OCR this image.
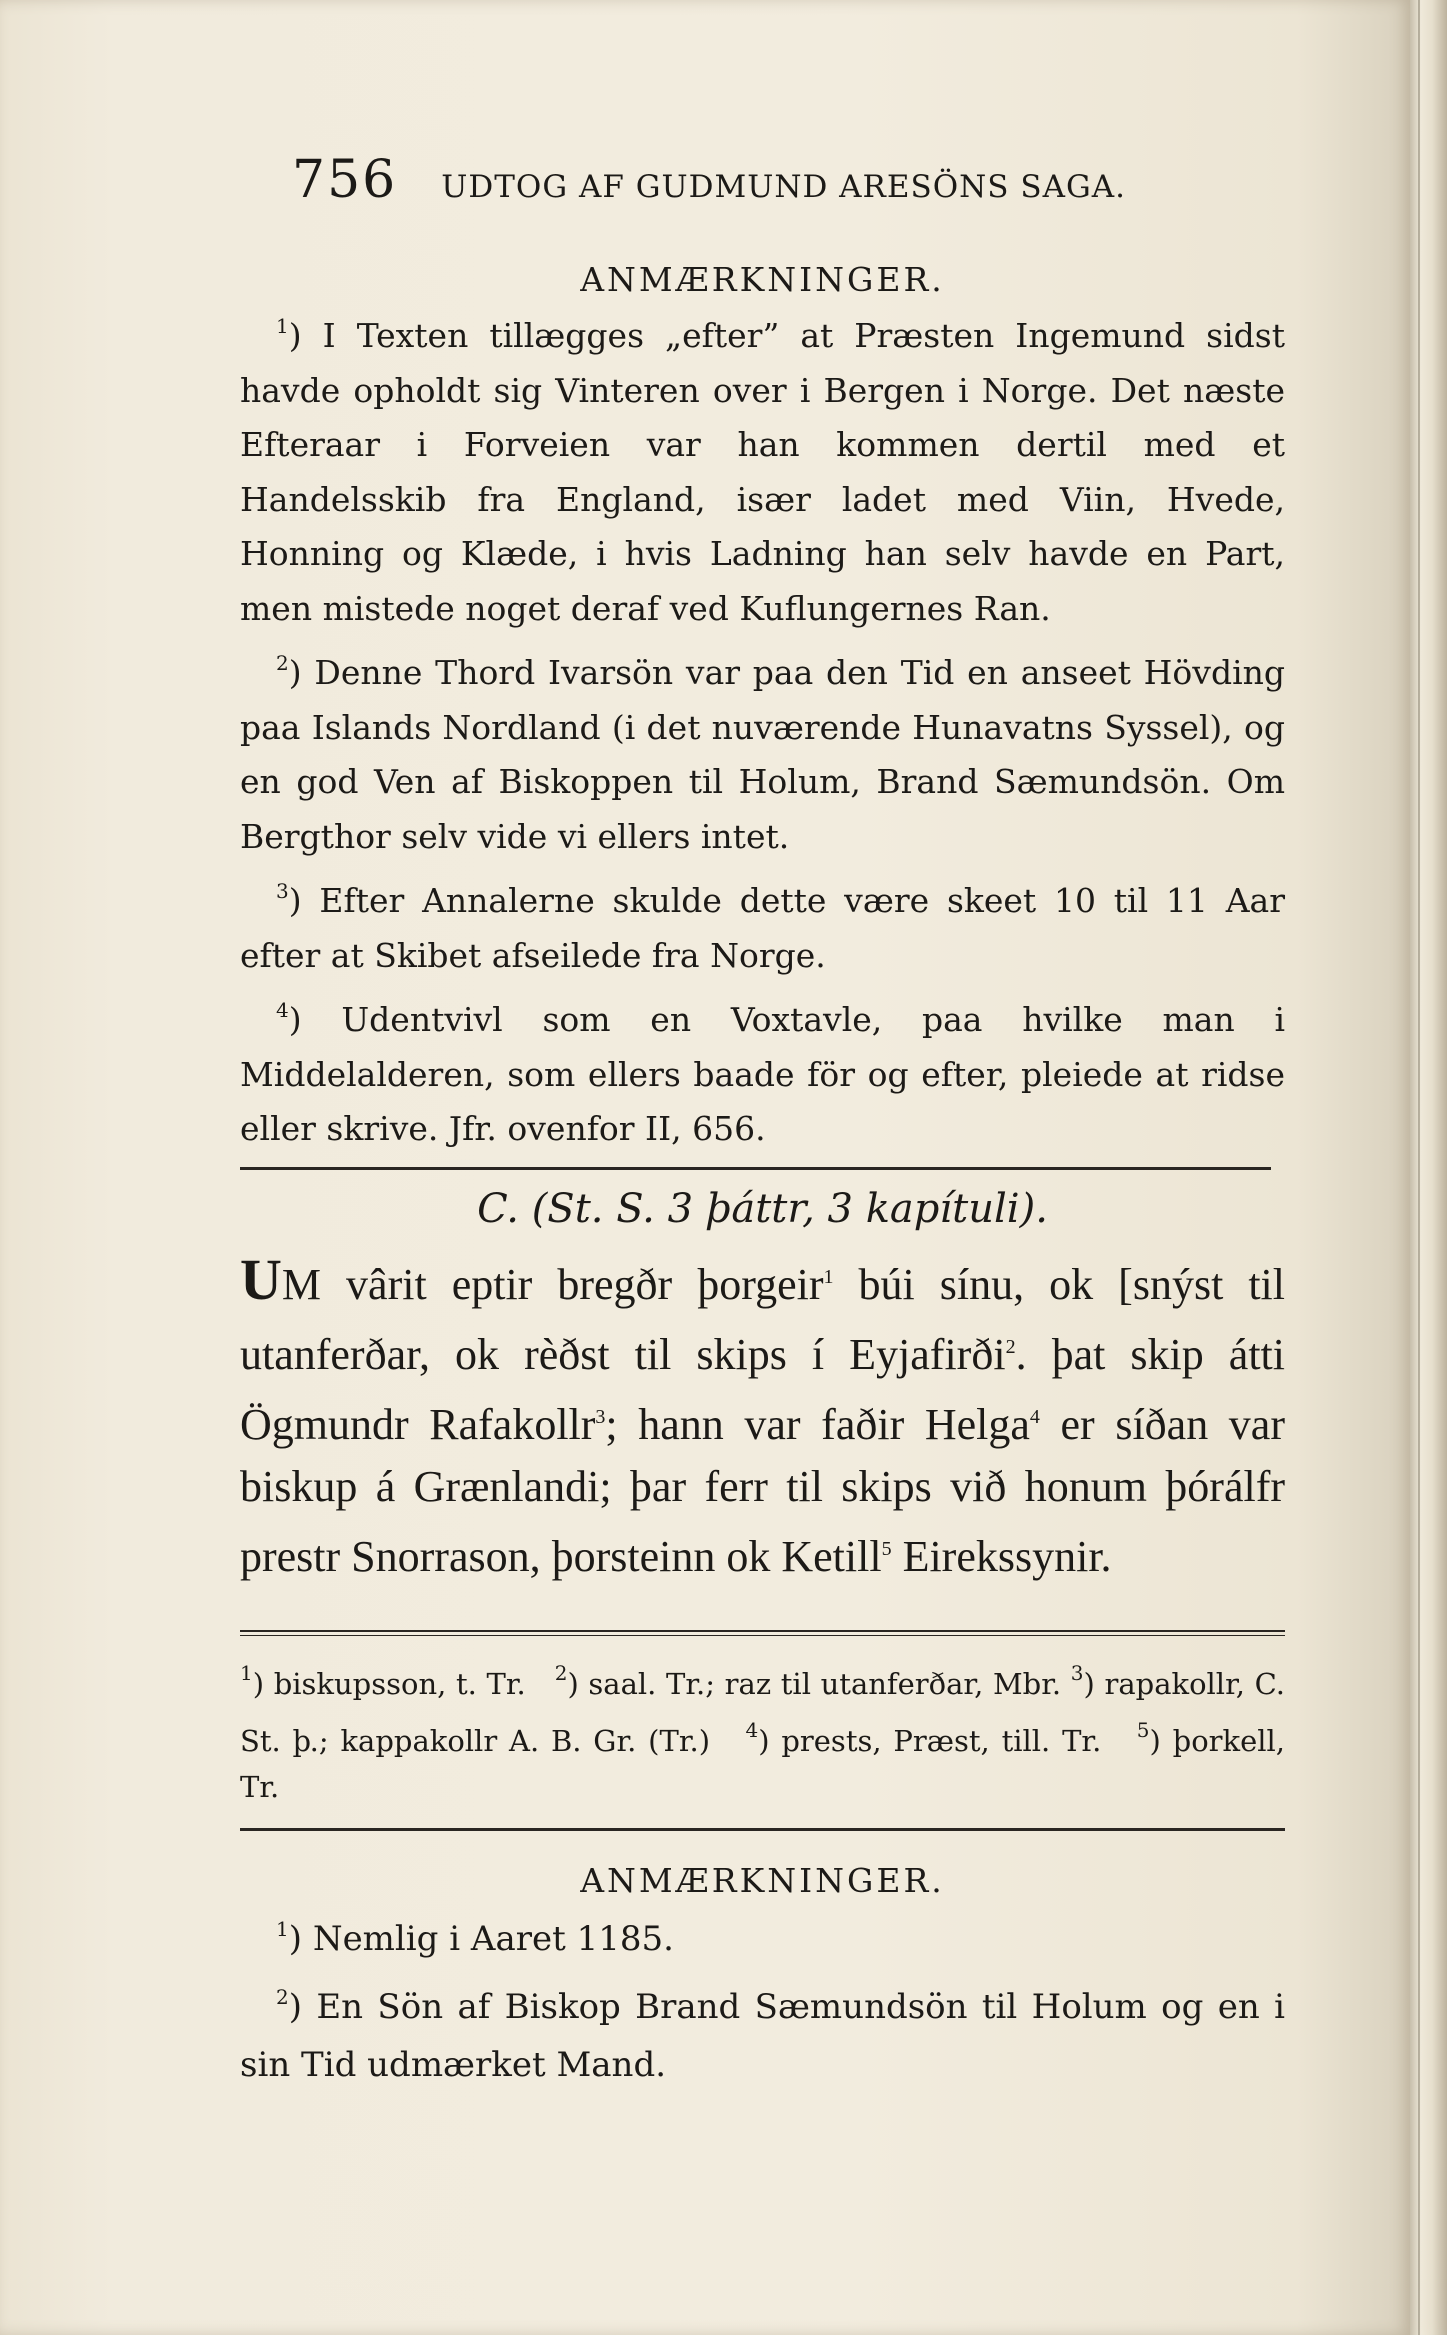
756 UDTOG AF GUDMUND ARESÖNS SAGA.
ANMÆRKNINGER.

$^1$) I Texten tillægges „efter” at Præsten Ingemund sidst havde opholdt sig Vinteren over i Bergen i Norge. Det næste Efteraar i Forveien var han kommen dertil med et Handelsskib fra England, især ladet med Viin, Hvede, Honning og Klæde, i hvis Ladning han selv havde en Part, men mistede noget deraf ved Kuflungernes Ran.

$^2$) Denne Thord Ivarsön var paa den Tid en anseet Hövding paa Islands Nordland (i det nuværende Hunavatns Syssel), og en god Ven af Biskoppen til Holum, Brand Sæmundsön. Om Bergthor selv vide vi ellers intet.

$^3$) Efter Annalerne skulde dette være skeet 10 til 11 Aar efter at Skibet afseilede fra Norge.

$^4$) Udentvivl som en Voxtavle, paa hvilke man i Middelalderen, som ellers baade för og efter, pleiede at ridse eller skrive. Jfr. ovenfor II, 656.

C. (St. S. 3 þáttr, 3 kapítuli).

UM vârit eptir bregðr þorgeir$^1$ búi sínu, ok [snýst til utanferðar, ok rèðst til skips í Eyjafirði$^2$. þat skip átti Ögmundr Rafakollr$^3$; hann var faðir Helga$^4$ er síðan var biskup á Grænlandi; þar ferr til skips við honum þórálfr prestr Snorrason, þorsteinn ok Ketill$^5$ Eirekssynir.

$^1$) biskupsson, t. Tr. $^2$) saal. Tr.; raz til utanferðar, Mbr. $^3$) rapakollr, C. St. þ.; kappakollr A. B. Gr. (Tr.) $^4$) prests, Præst, till. Tr. $^5$) þorkell, Tr.

ANMÆRKNINGER.

$^1$) Nemlig i Aaret 1185.

$^2$) En Sön af Biskop Brand Sæmundsön til Holum og en i sin Tid udmærket Mand.
